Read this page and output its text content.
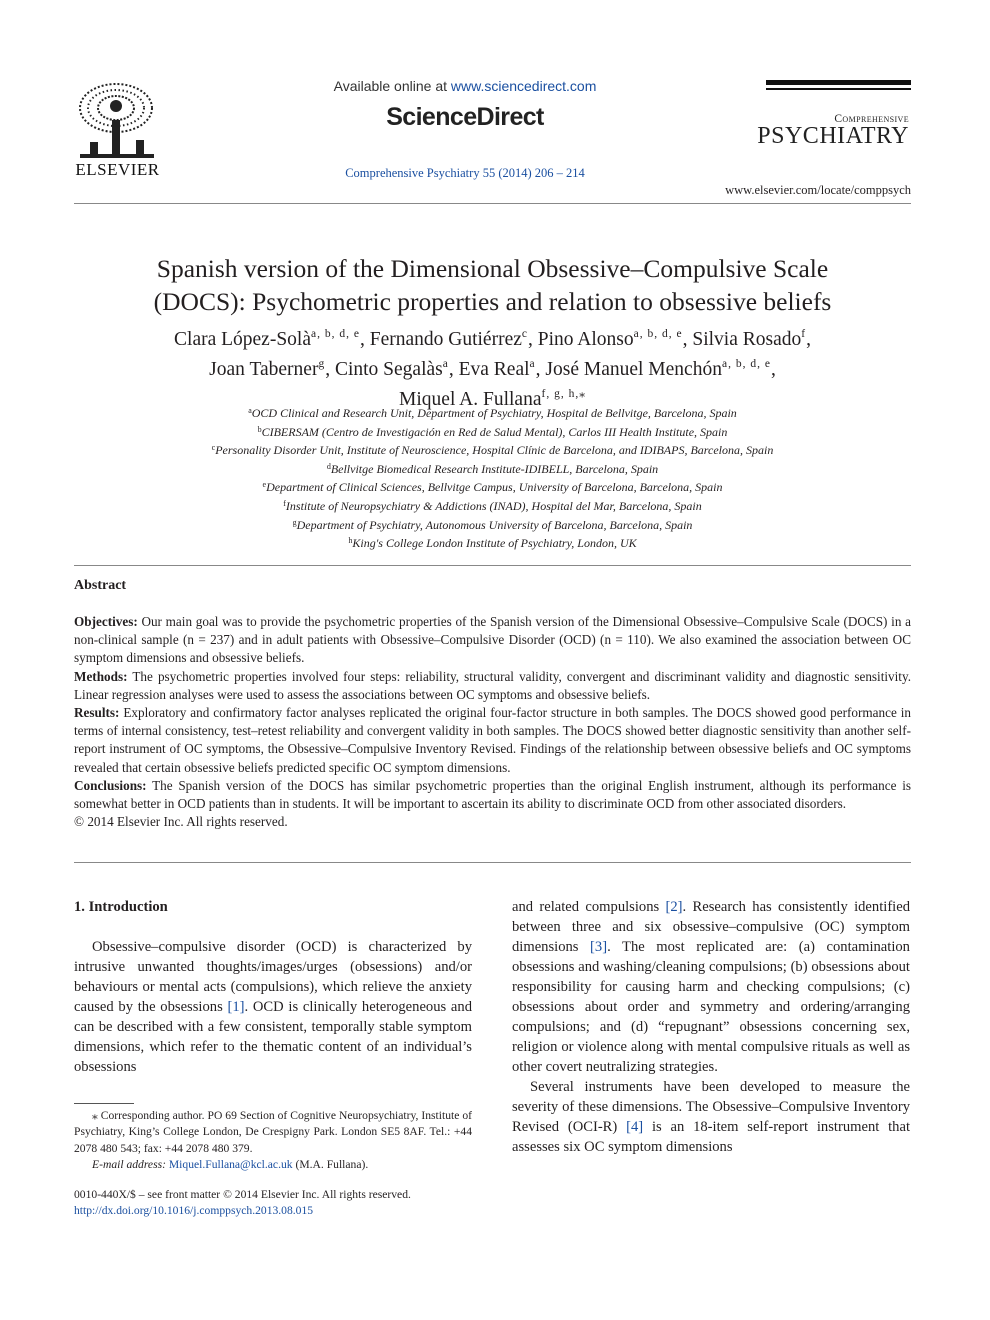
ELSEVIER
Available online at www.sciencedirect.com
ScienceDirect
Comprehensive Psychiatry 55 (2014) 206 – 214
Comprehensive
PSYCHIATRY
www.elsevier.com/locate/comppsych
Spanish version of the Dimensional Obsessive–Compulsive Scale
(DOCS): Psychometric properties and relation to obsessive beliefs
Clara López-Solà$^{a, b, d, e}$, Fernando Gutiérrez$^c$, Pino Alonso$^{a, b, d, e}$, Silvia Rosado$^f$,
Joan Taberner$^g$, Cinto Segalàs$^a$, Eva Real$^a$, José Manuel Menchón$^{a, b, d, e}$,
Miquel A. Fullana$^{f, g, h,⁎}$
$^a$OCD Clinical and Research Unit, Department of Psychiatry, Hospital de Bellvitge, Barcelona, Spain
$^b$CIBERSAM (Centro de Investigación en Red de Salud Mental), Carlos III Health Institute, Spain
$^c$Personality Disorder Unit, Institute of Neuroscience, Hospital Clínic de Barcelona, and IDIBAPS, Barcelona, Spain
$^d$Bellvitge Biomedical Research Institute-IDIBELL, Barcelona, Spain
$^e$Department of Clinical Sciences, Bellvitge Campus, University of Barcelona, Barcelona, Spain
$^f$Institute of Neuropsychiatry & Addictions (INAD), Hospital del Mar, Barcelona, Spain
$^g$Department of Psychiatry, Autonomous University of Barcelona, Barcelona, Spain
$^h$King's College London Institute of Psychiatry, London, UK
Abstract

Objectives: Our main goal was to provide the psychometric properties of the Spanish version of the Dimensional Obsessive–Compulsive Scale (DOCS) in a non-clinical sample (n = 237) and in adult patients with Obsessive–Compulsive Disorder (OCD) (n = 110). We also examined the association between OC symptom dimensions and obsessive beliefs.

Methods: The psychometric properties involved four steps: reliability, structural validity, convergent and discriminant validity and diagnostic sensitivity. Linear regression analyses were used to assess the associations between OC symptoms and obsessive beliefs.

Results: Exploratory and confirmatory factor analyses replicated the original four-factor structure in both samples. The DOCS showed good performance in terms of internal consistency, test–retest reliability and convergent validity in both samples. The DOCS showed better diagnostic sensitivity than another self-report instrument of OC symptoms, the Obsessive–Compulsive Inventory Revised. Findings of the relationship between obsessive beliefs and OC symptoms revealed that certain obsessive beliefs predicted specific OC symptom dimensions.

Conclusions: The Spanish version of the DOCS has similar psychometric properties than the original English instrument, although its performance is somewhat better in OCD patients than in students. It will be important to ascertain its ability to discriminate OCD from other associated disorders.

© 2014 Elsevier Inc. All rights reserved.

1. Introduction

Obsessive–compulsive disorder (OCD) is characterized by intrusive unwanted thoughts/images/urges (obsessions) and/or behaviours or mental acts (compulsions), which relieve the anxiety caused by the obsessions [1]. OCD is clinically heterogeneous and can be described with a few consistent, temporally stable symptom dimensions, which refer to the thematic content of an individual’s obsessions

⁎ Corresponding author. PO 69 Section of Cognitive Neuropsychiatry, Institute of Psychiatry, King’s College London, De Crespigny Park. London SE5 8AF. Tel.: +44 2078 480 543; fax: +44 2078 480 379.

E-mail address: Miquel.Fullana@kcl.ac.uk (M.A. Fullana).

0010-440X/$ – see front matter © 2014 Elsevier Inc. All rights reserved.
http://dx.doi.org/10.1016/j.comppsych.2013.08.015

and related compulsions [2]. Research has consistently identified between three and six obsessive–compulsive (OC) symptom dimensions [3]. The most replicated are: (a) contamination obsessions and washing/cleaning compulsions; (b) obsessions about responsibility for causing harm and checking compulsions; (c) obsessions about order and symmetry and ordering/arranging compulsions; and (d) “repugnant” obsessions concerning sex, religion or violence along with mental compulsive rituals as well as other covert neutralizing strategies.

Several instruments have been developed to measure the severity of these dimensions. The Obsessive–Compulsive Inventory Revised (OCI-R) [4] is an 18-item self-report instrument that assesses six OC symptom dimensions
